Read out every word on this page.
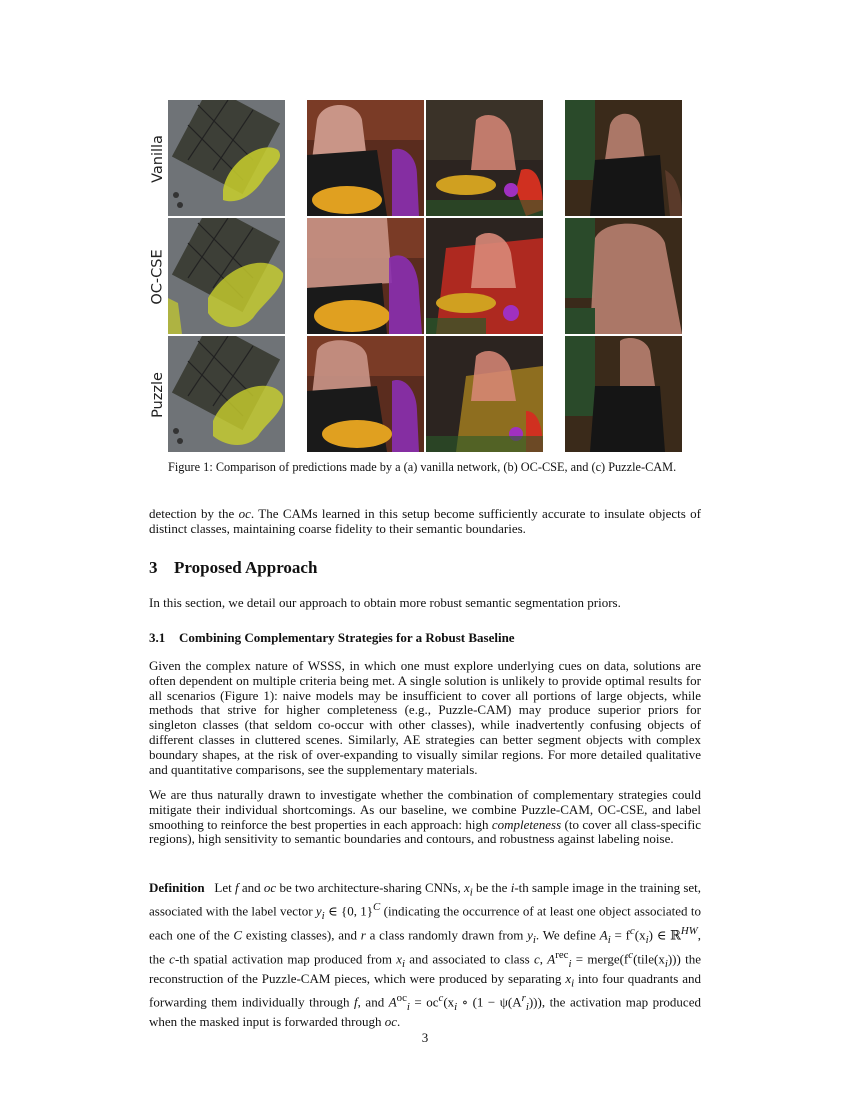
Vanilla
OC-CSE
Puzzle
Figure 1: Comparison of predictions made by a (a) vanilla network, (b) OC-CSE, and (c) Puzzle-CAM.

detection by the oc. The CAMs learned in this setup become sufficiently accurate to insulate objects of distinct classes, maintaining coarse fidelity to their semantic boundaries.

3 Proposed Approach

In this section, we detail our approach to obtain more robust semantic segmentation priors.

3.1 Combining Complementary Strategies for a Robust Baseline

Given the complex nature of WSSS, in which one must explore underlying cues on data, solutions are often dependent on multiple criteria being met. A single solution is unlikely to provide optimal results for all scenarios (Figure 1): naive models may be insufficient to cover all portions of large objects, while methods that strive for higher completeness (e.g., Puzzle-CAM) may produce superior priors for singleton classes (that seldom co-occur with other classes), while inadvertently confusing objects of different classes in cluttered scenes. Similarly, AE strategies can better segment objects with complex boundary shapes, at the risk of over-expanding to visually similar regions. For more detailed qualitative and quantitative comparisons, see the supplementary materials.

We are thus naturally drawn to investigate whether the combination of complementary strategies could mitigate their individual shortcomings. As our baseline, we combine Puzzle-CAM, OC-CSE, and label smoothing to reinforce the best properties in each approach: high completeness (to cover all class-specific regions), high sensitivity to semantic boundaries and contours, and robustness against labeling noise.

Definition Let f and oc be two architecture-sharing CNNs, $x_i$ be the i-th sample image in the training set, associated with the label vector $y_i$ ∈ {0, 1}$^C$ (indicating the occurrence of at least one object associated to each one of the C existing classes), and r a class randomly drawn from $y_i$. We define $A_i = f^c(x_i)$ ∈ ℝ$^{HW}$, the c-th spatial activation map produced from $x_i$ and associated to class c, $A^{rec}_i$ = $merge(f^c(tile(x_i)))$ the reconstruction of the Puzzle-CAM pieces, which were produced by separating $x_i$ into four quadrants and forwarding them individually through f, and $A^{oc}_i = oc^c(x_i$ ∘ $(1 - \psi(A^r_i))$), the activation map produced when the masked input is forwarded through oc.

3
